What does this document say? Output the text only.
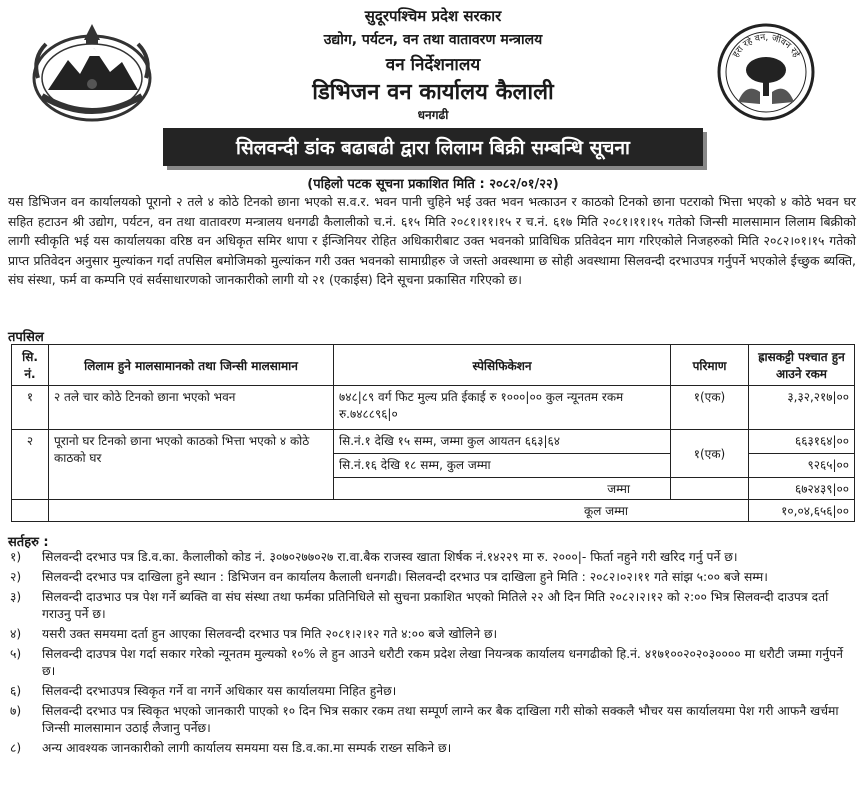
सुदूरपश्चिम प्रदेश सरकार
उद्योग, पर्यटन, वन तथा वातावरण मन्त्रालय
वन निर्देशनालय
डिभिजन वन कार्यालय कैलाली
धनगढी
हरा रहे वन, जीवन रहे
सिलवन्दी डांक बढाबढी द्वारा लिलाम बिक्री सम्बन्धि सूचना
(पहिलो पटक सूचना प्रकाशित मिति : २०८२/०१/२२)
यस डिभिजन वन कार्यालयको पूरानो २ तले ४ कोठे टिनको छाना भएको स.व.र. भवन पानी चुहिने भई उक्त भवन भत्काउन र काठको टिनको छाना पटराको भित्ता भएको ४ कोठे भवन घर सहित हटाउन श्री उद्योग, पर्यटन, वन तथा वातावरण मन्त्रालय धनगढी कैलालीको च.नं. ६१५ मिति २०८१।११।१५ र च.नं. ६१७ मिति २०८१।११।१५ गतेको जिन्सी मालसामान लिलाम बिक्रीको लागी स्वीकृति भई यस कार्यालयका वरिष्ठ वन अधिकृत समिर थापा र ईन्जिनियर रोहित अधिकारीबाट उक्त भवनको प्राविधिक प्रतिवेदन माग गरिएकोले निजहरुको मिति २०८२।०१।१५ गतेको प्राप्त प्रतिवेदन अनुसार मुल्यांकन गर्दा तपसिल बमोजिमको मुल्यांकन गरी उक्त भवनको सामाग्रीहरु जे जस्तो अवस्थामा छ सोही अवस्थामा सिलवन्दी दरभाउपत्र गर्नुपर्ने भएकोले ईच्छुक ब्यक्ति, संघ संस्था, फर्म वा कम्पनि एवं सर्वसाधारणको जानकारीको लागी यो २१ (एकाईस) दिने सूचना प्रकासित गरिएको छ।
तपसिल
सि. नं.	लिलाम हुने मालसामानको तथा जिन्सी मालसामान	स्पेसिफिकेशन	परिमाण	ह्रासकट्टी पश्चात हुन आउने रकम
१	२ तले चार कोठे टिनको छाना भएको भवन	७४८|८९ वर्ग फिट मुल्य प्रति ईकाई रु १०००|०० कुल न्यूनतम रकम रु.७४८८९६|०	१(एक)	३,३२,२१७|००
२	पूरानो घर टिनको छाना भएको काठको भित्ता भएको ४ कोठे काठको घर	सि.नं.१ देखि १५ सम्म, जम्मा कुल आयतन ६६३|६४	१(एक)	६६३१६४|००
		सि.नं.१६ देखि १८ सम्म, कुल जम्मा		९२६५|००
		जम्मा		६७२४३९|००
	कूल जम्मा			१०,०४,६५६|००
सर्तहरु :
१)	सिलवन्दी दरभाउ पत्र डि.व.का. कैलालीको कोड नं. ३०७०२७७०२७ रा.वा.बैक राजस्व खाता शिर्षक नं.१४२२९ मा रु. २०००|- फिर्ता नहुने गरी खरिद गर्नु पर्ने छ।
२)	सिलवन्दी दरभाउ पत्र दाखिला हुने स्थान : डिभिजन वन कार्यालय कैलाली धनगढी। सिलवन्दी दरभाउ पत्र दाखिला हुने मिति : २०८२।०२।११ गते सांझ ५:०० बजे सम्म।
३)	सिलवन्दी दाउभाउ पत्र पेश गर्ने ब्यक्ति वा संघ संस्था तथा फर्मका प्रतिनिधिले सो सुचना प्रकाशित भएको मितिले २२ औ दिन मिति २०८२।२।१२ को २:०० भित्र सिलवन्दी दाउपत्र दर्ता गराउनु पर्ने छ।
४)	यसरी उक्त समयमा दर्ता हुन आएका सिलवन्दी दरभाउ पत्र मिति २०८१।२।१२ गते ४:०० बजे खोलिने छ।
५)	सिलवन्दी दाउपत्र पेश गर्दा सकार गरेको न्यूनतम मुल्यको १०% ले हुन आउने धरौटी रकम प्रदेश लेखा नियन्त्रक कार्यालय धनगढीको हि.नं. ४१७१००२०२०३०००० मा धरौटी जम्मा गर्नुपर्ने छ।
६)	सिलवन्दी दरभाउपत्र स्विकृत गर्ने वा नगर्ने अधिकार यस कार्यालयमा निहित हुनेछ।
७)	सिलवन्दी दरभाउ पत्र स्विकृत भएको जानकारी पाएको १० दिन भित्र सकार रकम तथा सम्पूर्ण लाग्ने कर बैक दाखिला गरी सोको सक्कलै भौचर यस कार्यालयमा पेश गरी आफनै खर्चमा जिन्सी मालसामान उठाई लैजानु पर्नेछ।
८)	अन्य आवश्यक जानकारीको लागी कार्यालय समयमा यस डि.व.का.मा सम्पर्क राख्न सकिने छ।
